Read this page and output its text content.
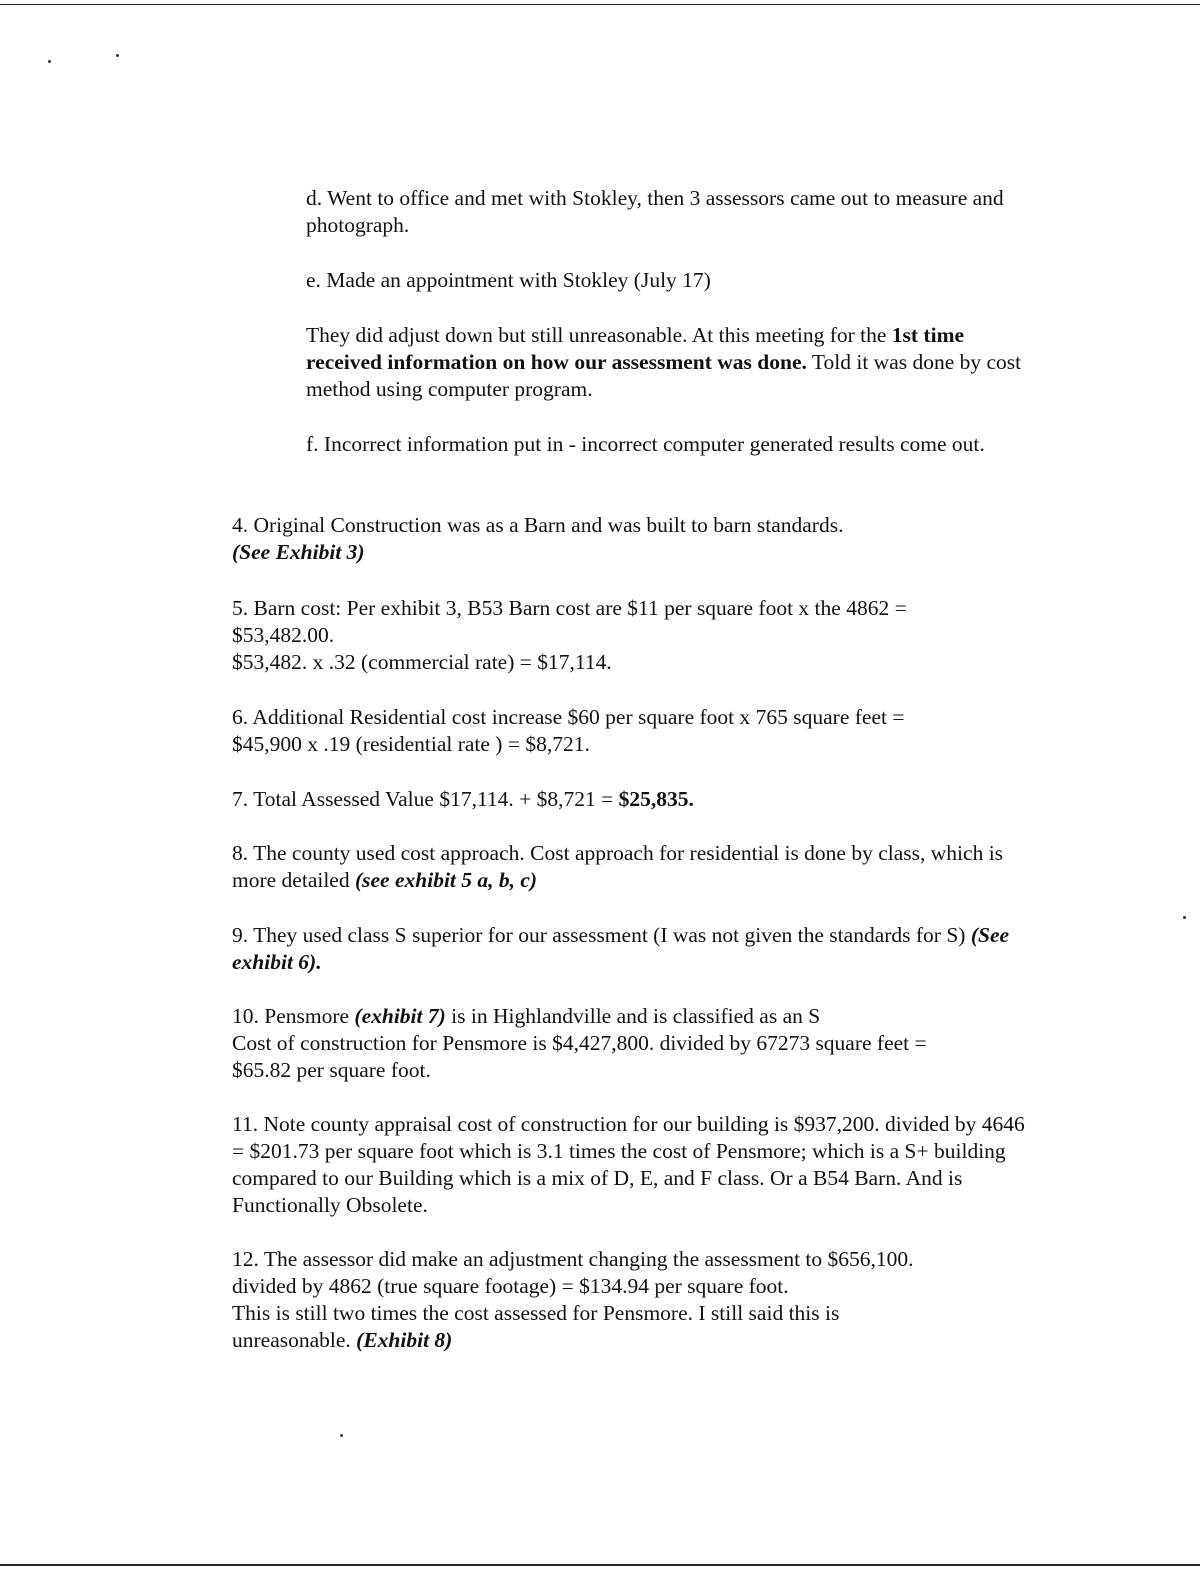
d. Went to office and met with Stokley, then 3 assessors came out to measure and photograph.

e. Made an appointment with Stokley (July 17)

They did adjust down but still unreasonable. At this meeting for the 1st time received information on how our assessment was done. Told it was done by cost method using computer program.

f. Incorrect information put in - incorrect computer generated results come out.

4. Original Construction was as a Barn and was built to barn standards.
(See Exhibit 3)

5. Barn cost: Per exhibit 3, B53 Barn cost are $11 per square foot x the 4862 =
$53,482.00.
$53,482. x .32 (commercial rate) = $17,114.

6. Additional Residential cost increase $60 per square foot x 765 square feet =
$45,900 x .19 (residential rate ) = $8,721.

7. Total Assessed Value $17,114. + $8,721 = $25,835.

8. The county used cost approach. Cost approach for residential is done by class, which is more detailed (see exhibit 5 a, b, c)

9. They used class S superior for our assessment (I was not given the standards for S) (See exhibit 6).

10. Pensmore (exhibit 7) is in Highlandville and is classified as an S
Cost of construction for Pensmore is $4,427,800. divided by 67273 square feet =
$65.82 per square foot.

11. Note county appraisal cost of construction for our building is $937,200. divided by 4646 = $201.73 per square foot which is 3.1 times the cost of Pensmore; which is a S+ building compared to our Building which is a mix of D, E, and F class. Or a B54 Barn. And is Functionally Obsolete.

12. The assessor did make an adjustment changing the assessment to $656,100.
divided by 4862 (true square footage) = $134.94 per square foot.
This is still two times the cost assessed for Pensmore. I still said this is
unreasonable. (Exhibit 8)
